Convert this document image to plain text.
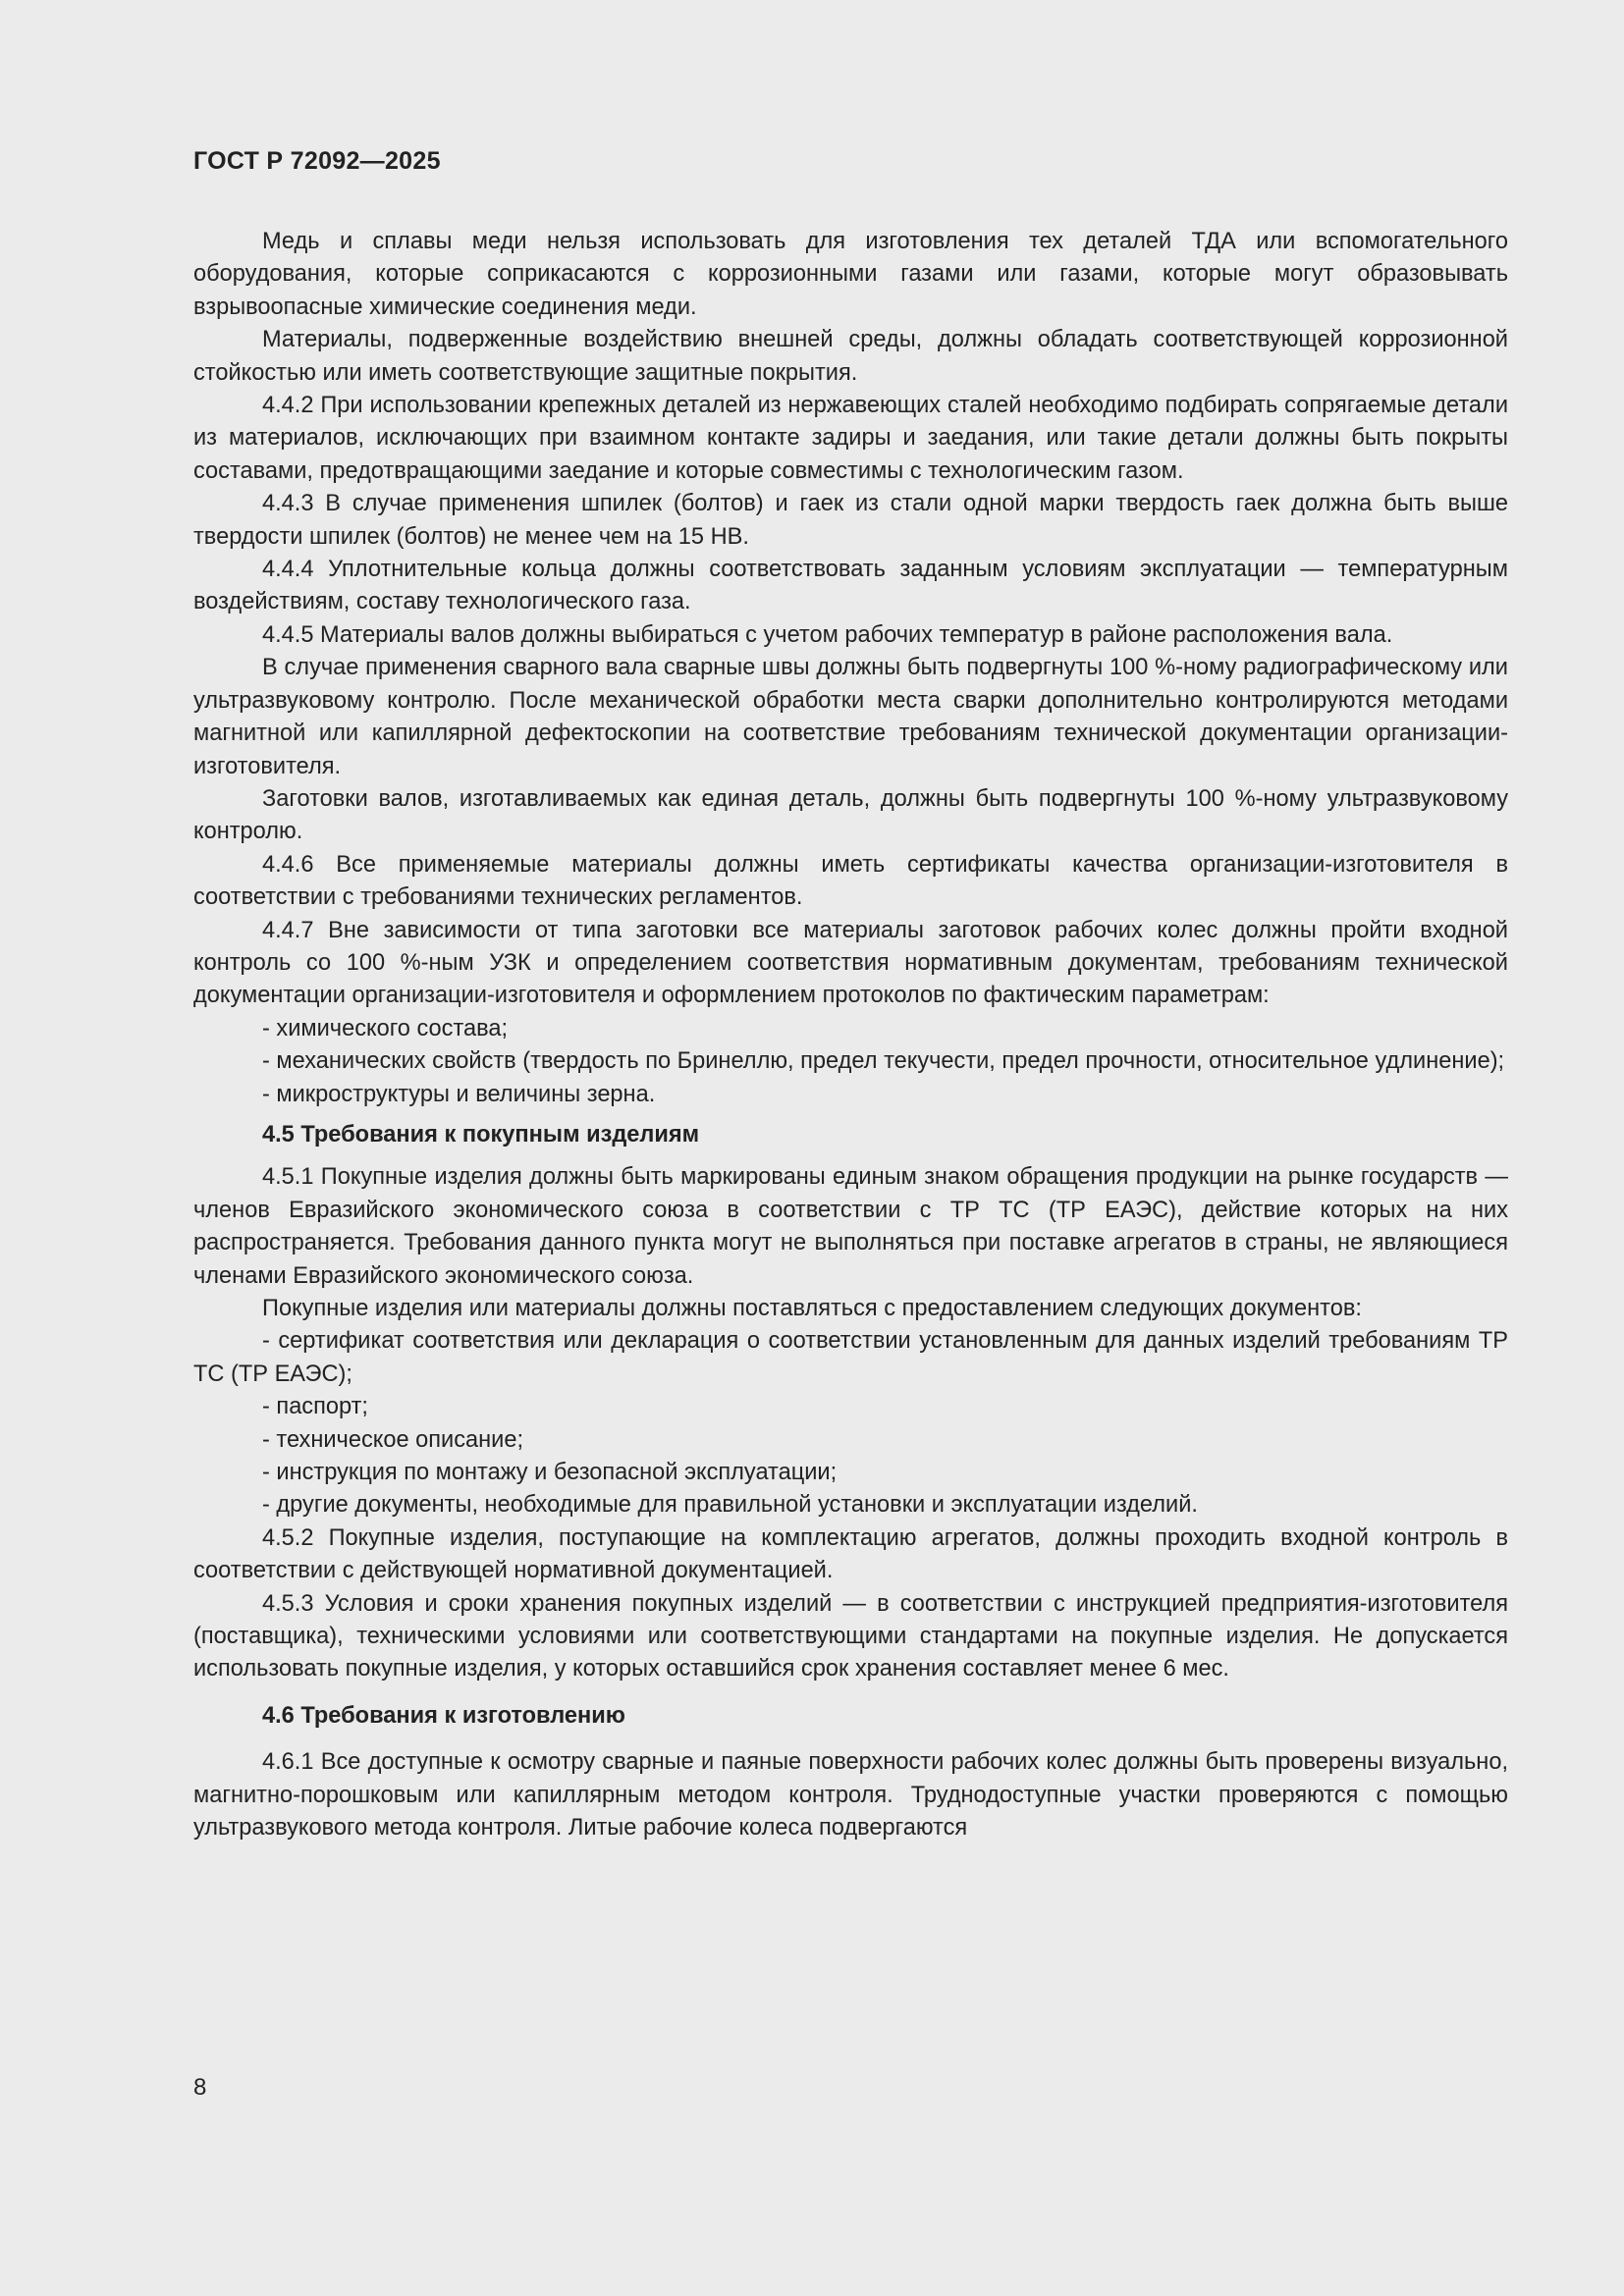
ГОСТ Р 72092—2025

Медь и сплавы меди нельзя использовать для изготовления тех деталей ТДА или вспомогательного оборудования, которые соприкасаются с коррозионными газами или газами, которые могут образовывать взрывоопасные химические соединения меди.

Материалы, подверженные воздействию внешней среды, должны обладать соответствующей коррозионной стойкостью или иметь соответствующие защитные покрытия.

4.4.2 При использовании крепежных деталей из нержавеющих сталей необходимо подбирать сопрягаемые детали из материалов, исключающих при взаимном контакте задиры и заедания, или такие детали должны быть покрыты составами, предотвращающими заедание и которые совместимы с технологическим газом.

4.4.3 В случае применения шпилек (болтов) и гаек из стали одной марки твердость гаек должна быть выше твердости шпилек (болтов) не менее чем на 15 HB.

4.4.4 Уплотнительные кольца должны соответствовать заданным условиям эксплуатации — температурным воздействиям, составу технологического газа.

4.4.5 Материалы валов должны выбираться с учетом рабочих температур в районе расположения вала.

В случае применения сварного вала сварные швы должны быть подвергнуты 100 %-ному радиографическому или ультразвуковому контролю. После механической обработки места сварки дополнительно контролируются методами магнитной или капиллярной дефектоскопии на соответствие требованиям технической документации организации-изготовителя.

Заготовки валов, изготавливаемых как единая деталь, должны быть подвергнуты 100 %-ному ультразвуковому контролю.

4.4.6 Все применяемые материалы должны иметь сертификаты качества организации-изготовителя в соответствии с требованиями технических регламентов.

4.4.7 Вне зависимости от типа заготовки все материалы заготовок рабочих колес должны пройти входной контроль со 100 %-ным УЗК и определением соответствия нормативным документам, требованиям технической документации организации-изготовителя и оформлением протоколов по фактическим параметрам:

- химического состава;

- механических свойств (твердость по Бринеллю, предел текучести, предел прочности, относительное удлинение);

- микроструктуры и величины зерна.

4.5 Требования к покупным изделиям

4.5.1 Покупные изделия должны быть маркированы единым знаком обращения продукции на рынке государств — членов Евразийского экономического союза в соответствии с ТР ТС (ТР ЕАЭС), действие которых на них распространяется. Требования данного пункта могут не выполняться при поставке агрегатов в страны, не являющиеся членами Евразийского экономического союза.

Покупные изделия или материалы должны поставляться с предоставлением следующих документов:

- сертификат соответствия или декларация о соответствии установленным для данных изделий требованиям ТР ТС (ТР ЕАЭС);

- паспорт;

- техническое описание;

- инструкция по монтажу и безопасной эксплуатации;

- другие документы, необходимые для правильной установки и эксплуатации изделий.

4.5.2 Покупные изделия, поступающие на комплектацию агрегатов, должны проходить входной контроль в соответствии с действующей нормативной документацией.

4.5.3 Условия и сроки хранения покупных изделий — в соответствии с инструкцией предприятия-изготовителя (поставщика), техническими условиями или соответствующими стандартами на покупные изделия. Не допускается использовать покупные изделия, у которых оставшийся срок хранения составляет менее 6 мес.

4.6 Требования к изготовлению

4.6.1 Все доступные к осмотру сварные и паяные поверхности рабочих колес должны быть проверены визуально, магнитно-порошковым или капиллярным методом контроля. Труднодоступные участки проверяются с помощью ультразвукового метода контроля. Литые рабочие колеса подвергаются

8
